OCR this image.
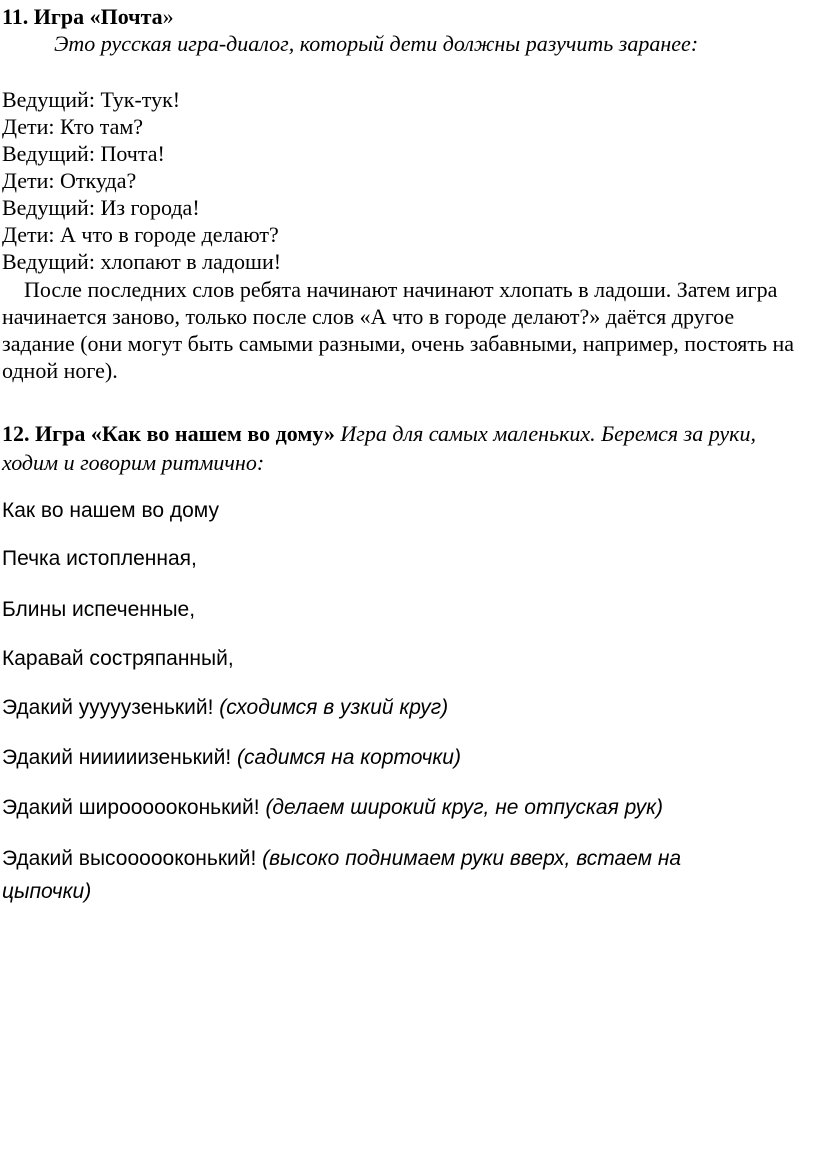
11. Игра «Почта»
Это русская игра-диалог, который дети должны разучить заранее:
Ведущий: Тук-тук!
Дети: Кто там?
Ведущий: Почта!
Дети: Откуда?
Ведущий: Из города!
Дети: А что в городе делают?
Ведущий: хлопают в ладоши!
После последних слов ребята начинают начинают хлопать в ладоши. Затем игра начинается заново, только после слов «А что в городе делают?» даётся другое задание (они могут быть самыми разными, очень забавными, например, постоять на одной ноге).
12. Игра «Как во нашем во дому» Игра для самых маленьких. Беремся за руки, ходим и говорим ритмично:
Как во нашем во дому
Печка истопленная,
Блины испеченные,
Каравай состряпанный,
Эдакий ууууузенький! (сходимся в узкий круг)
Эдакий нииииизенький! (садимся на корточки)
Эдакий широооооконький! (делаем широкий круг, не отпуская рук)
Эдакий высоооооконький! (высоко поднимаем руки вверх, встаем на цыпочки)
